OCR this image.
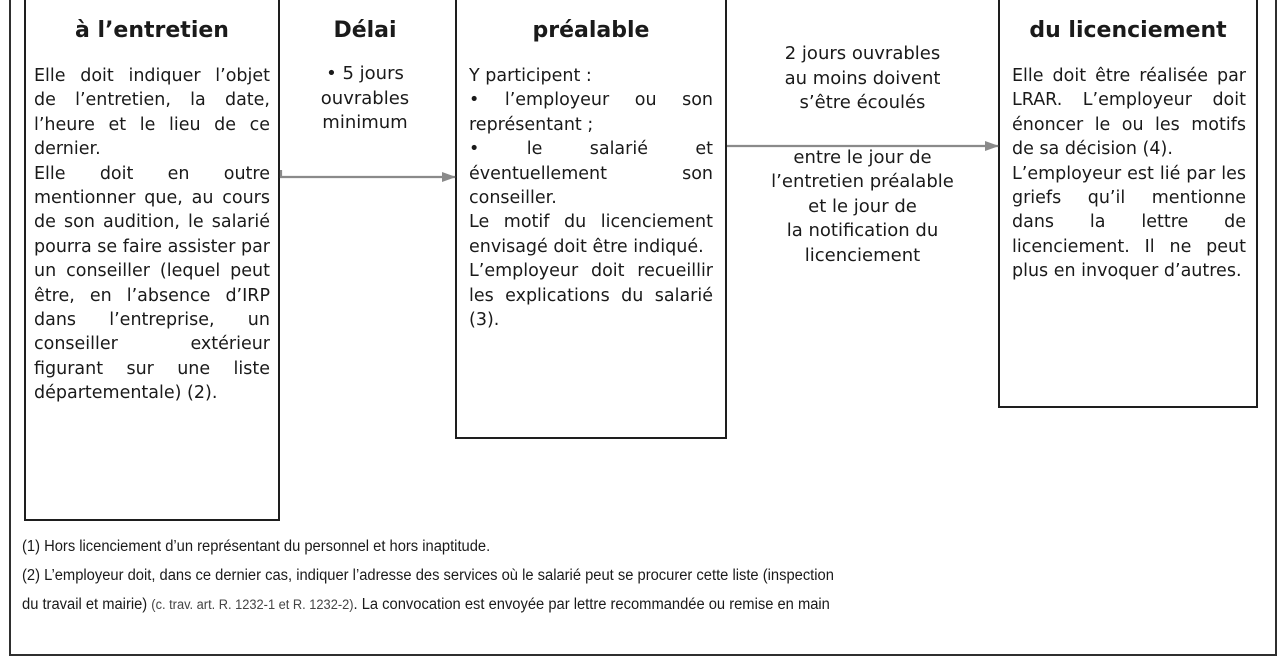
à l’entretien

Elle doit indiquer l’objet de l’entretien, la date, l’heure et le lieu de ce dernier.

Elle doit en outre mentionner que, au cours de son audition, le salarié pourra se faire assister par un conseiller (lequel peut être, en l’absence d’IRP dans l’entreprise, un conseiller extérieur figurant sur une liste départementale) (2).

Délai

• 5 jours

ouvrables

minimum

préalable

Y participent :

• l’employeur ou son représentant ;

• le salarié et éventuellement son conseiller.

Le motif du licenciement envisagé doit être indiqué.

L’employeur doit recueillir les explications du salarié (3).

2 jours ouvrables

au moins doivent

s’être écoulés

entre le jour de

l’entretien préalable

et le jour de

la notification du

licenciement

du licenciement

Elle doit être réalisée par LRAR. L’employeur doit énoncer le ou les motifs de sa décision (4).

L’employeur est lié par les griefs qu’il mentionne dans la lettre de licenciement. Il ne peut plus en invoquer d’autres.

(1) Hors licenciement d’un représentant du personnel et hors inaptitude.

(2) L’employeur doit, dans ce dernier cas, indiquer l’adresse des services où le salarié peut se procurer cette liste (inspection

du travail et mairie) (c. trav. art. R. 1232-1 et R. 1232-2). La convocation est envoyée par lettre recommandée ou remise en main
